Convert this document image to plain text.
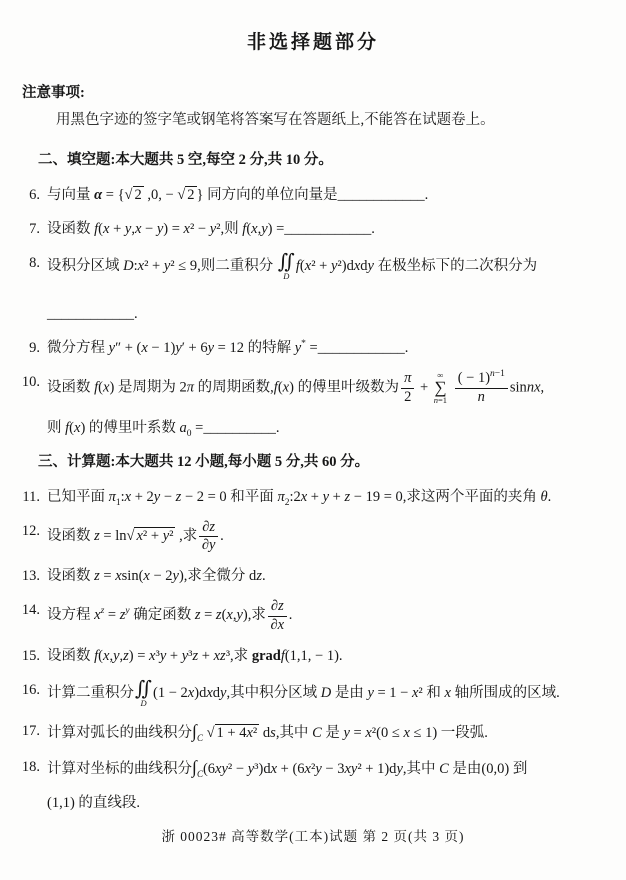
非选择题部分
注意事项:
用黑色字迹的签字笔或钢笔将答案写在答题纸上,不能答在试题卷上。
二、填空题:本大题共 5 空,每空 2 分,共 10 分。
6. 与向量 α = {√ 2 ,0, − √ 2 } 同方向的单位向量是____________.
7. 设函数 f(x + y,x − y) = x² − y²,则 f(x,y) =____________.
8. 设积分区域 D:x² + y² ≤ 9,则二重积分 ∬
D
f(x² + y²)dxdy 在极坐标下的二次积分为
____________.
9. 微分方程 y″ + (x − 1)y′ + 6y = 12 的特解 y* =____________.
10. 设函数 f(x) 是周期为 2π 的周期函数,f(x) 的傅里叶级数为 $\frac{\pi}{2}$ +
∞
∑
n=1
$\frac{( - 1)^{n-1}}{n}$ sinnx,
则 f(x) 的傅里叶系数 $a_0$ =__________.
三、计算题:本大题共 12 小题,每小题 5 分,共 60 分。
11. 已知平面 $\pi_1:x + 2y - z - 2 = 0$ 和平面 $\pi_2:2x + y + z - 19 = 0$,求这两个平面的夹角 θ.
12. 设函数 z = ln√ x² + y² ,求 $\frac{\partial z}{\partial y}$ .
13. 设函数 z = xsin(x − 2y),求全微分 dz.
14. 设方程 $x^z = z^y$ 确定函数 z = z(x,y),求 $\frac{\partial z}{\partial x}$ .
15. 设函数 f(x,y,z) = x³y + y³z + xz³,求 gradf(1,1, − 1).
16. 计算二重积分 ∬
D
(1 − 2x)dxdy,其中积分区域 D 是由 y = 1 − x² 和 x 轴所围成的区域.
17. 计算对弧长的曲线积分$\int_C$ √ 1 + 4x² ds,其中 C 是 y = x²(0 ≤ x ≤ 1) 一段弧.
18. 计算对坐标的曲线积分$\int_C(6xy^2 - y^3)dx + (6x^2y - 3xy^2 + 1)dy$,其中 C 是由(0,0) 到
(1,1) 的直线段.
浙 00023# 高等数学(工本)试题 第 2 页(共 3 页)
